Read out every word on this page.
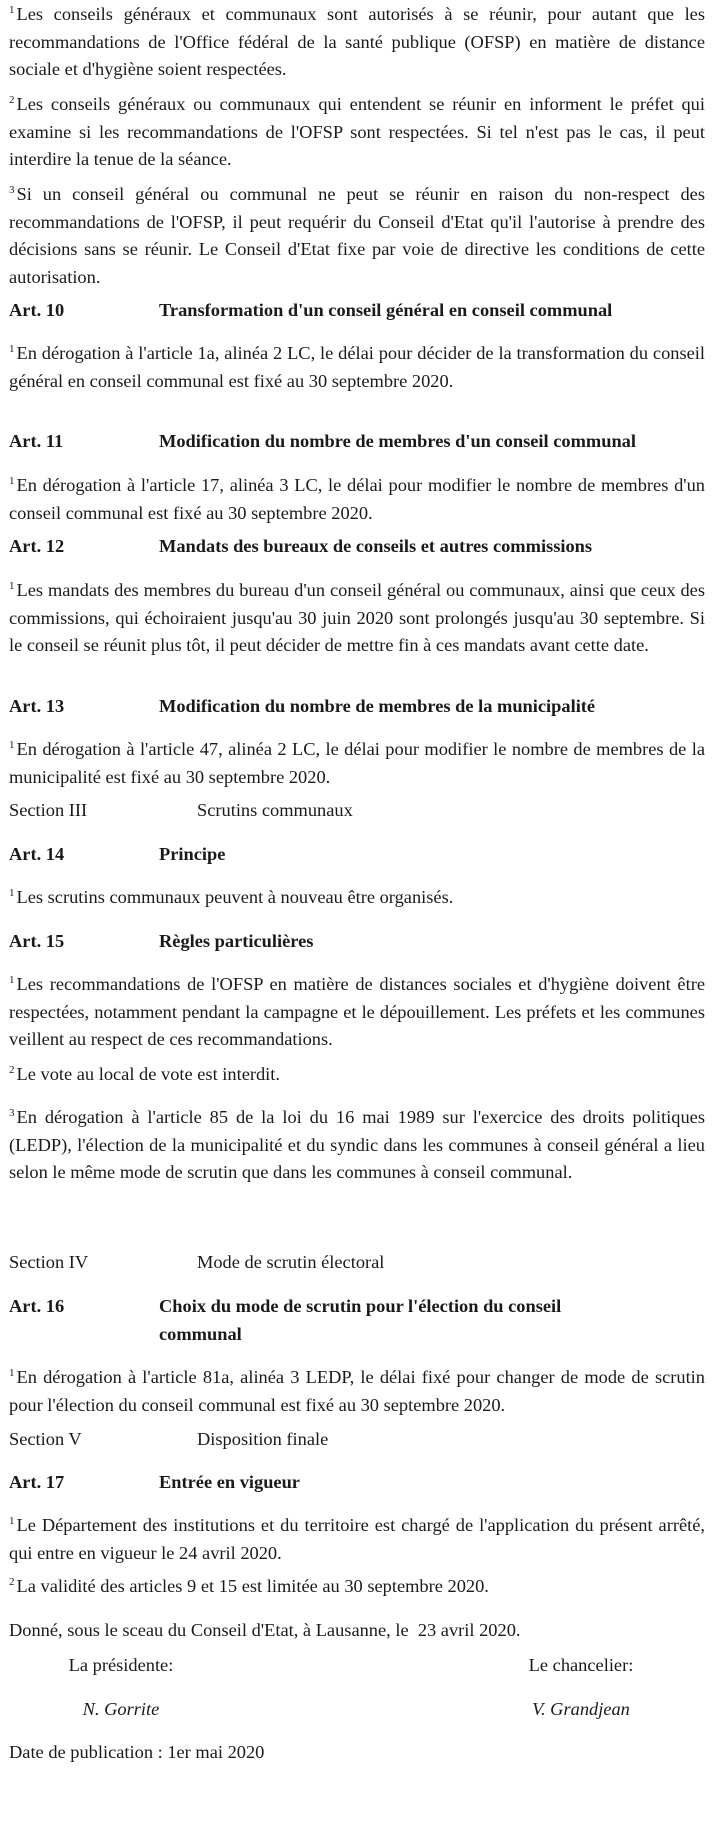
$^1$ Les conseils généraux et communaux sont autorisés à se réunir, pour autant que les recommandations de l'Office fédéral de la santé publique (OFSP) en matière de distance sociale et d'hygiène soient respectées.

$^2$ Les conseils généraux ou communaux qui entendent se réunir en informent le préfet qui examine si les recommandations de l'OFSP sont respectées. Si tel n'est pas le cas, il peut interdire la tenue de la séance.

$^3$ Si un conseil général ou communal ne peut se réunir en raison du non-respect des recommandations de l'OFSP, il peut requérir du Conseil d'Etat qu'il l'autorise à prendre des décisions sans se réunir. Le Conseil d'Etat fixe par voie de directive les conditions de cette autorisation.

Art. 10	Transformation d'un conseil général en conseil communal

$^1$ En dérogation à l'article 1a, alinéa 2 LC, le délai pour décider de la transformation du conseil général en conseil communal est fixé au 30 septembre 2020.

Art. 11	Modification du nombre de membres d'un conseil communal

$^1$ En dérogation à l'article 17, alinéa 3 LC, le délai pour modifier le nombre de membres d'un conseil communal est fixé au 30 septembre 2020.

Art. 12	Mandats des bureaux de conseils et autres commissions

$^1$ Les mandats des membres du bureau d'un conseil général ou communaux, ainsi que ceux des commissions, qui échoiraient jusqu'au 30 juin 2020 sont prolongés jusqu'au 30 septembre. Si le conseil se réunit plus tôt, il peut décider de mettre fin à ces mandats avant cette date.

Art. 13	Modification du nombre de membres de la municipalité

$^1$ En dérogation à l'article 47, alinéa 2 LC, le délai pour modifier le nombre de membres de la municipalité est fixé au 30 septembre 2020.

Section III	Scrutins communaux
Art. 14	Principe

$^1$ Les scrutins communaux peuvent à nouveau être organisés.

Art. 15	Règles particulières

$^1$ Les recommandations de l'OFSP en matière de distances sociales et d'hygiène doivent être respectées, notamment pendant la campagne et le dépouillement. Les préfets et les communes veillent au respect de ces recommandations.

$^2$ Le vote au local de vote est interdit.

$^3$ En dérogation à l'article 85 de la loi du 16 mai 1989 sur l'exercice des droits politiques (LEDP), l'élection de la municipalité et du syndic dans les communes à conseil général a lieu selon le même mode de scrutin que dans les communes à conseil communal.

Section IV	Mode de scrutin électoral
Art. 16	Choix du mode de scrutin pour l'élection du conseil communal

$^1$ En dérogation à l'article 81a, alinéa 3 LEDP, le délai fixé pour changer de mode de scrutin pour l'élection du conseil communal est fixé au 30 septembre 2020.

Section V	Disposition finale
Art. 17	Entrée en vigueur

$^1$ Le Département des institutions et du territoire est chargé de l'application du présent arrêté, qui entre en vigueur le 24 avril 2020.

$^2$ La validité des articles 9 et 15 est limitée au 30 septembre 2020.

Donné, sous le sceau du Conseil d'Etat, à Lausanne, le  23 avril 2020.

La présidente:	Le chancelier:
N. Gorrite	V. Grandjean

Date de publication : 1er mai 2020
